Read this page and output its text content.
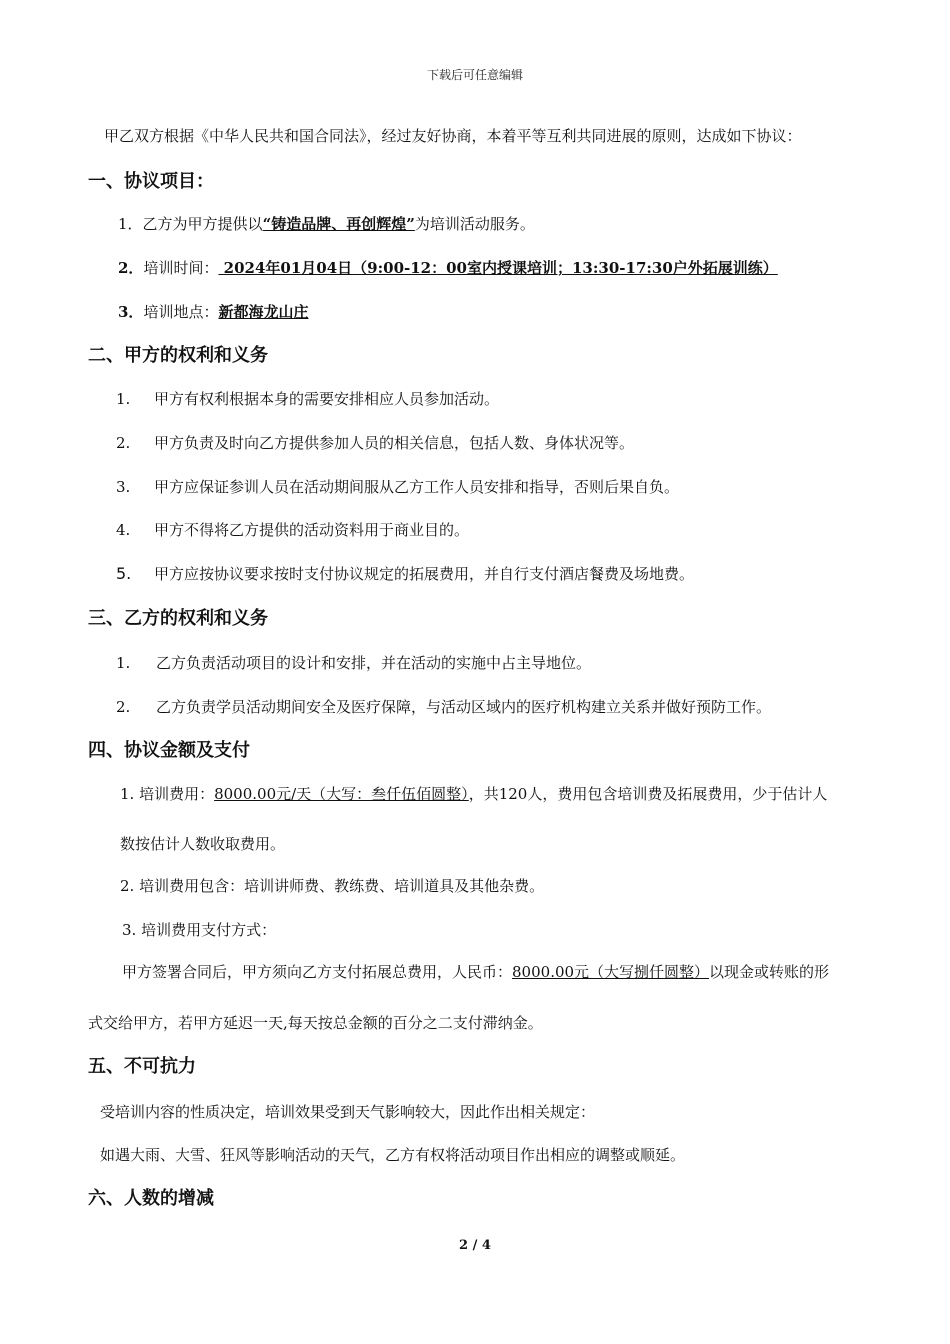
下载后可任意编辑
甲乙双方根据《中华人民共和国合同法》，经过友好协商，本着平等互利共同进展的原则，达成如下协议：
一、协议项目：
1．乙方为甲方提供以“铸造品牌、再创辉煌”为培训活动服务。
2．培训时间： 2024年01月04日（9:00-12：00室内授课培训；13:30-17:30户外拓展训练）
3．培训地点：新都海龙山庄
二、甲方的权利和义务
1. 甲方有权利根据本身的需要安排相应人员参加活动。
2. 甲方负责及时向乙方提供参加人员的相关信息，包括人数、身体状况等。
3. 甲方应保证参训人员在活动期间服从乙方工作人员安排和指导，否则后果自负。
4. 甲方不得将乙方提供的活动资料用于商业目的。
5. 甲方应按协议要求按时支付协议规定的拓展费用，并自行支付酒店餐费及场地费。
三、乙方的权利和义务
1. 乙方负责活动项目的设计和安排，并在活动的实施中占主导地位。
2. 乙方负责学员活动期间安全及医疗保障，与活动区域内的医疗机构建立关系并做好预防工作。
四、协议金额及支付
1. 培训费用：8000.00元/天（大写：叁仟伍佰圆整），共120人，费用包含培训费及拓展费用，少于估计人
数按估计人数收取费用。
2. 培训费用包含：培训讲师费、教练费、培训道具及其他杂费。
3. 培训费用支付方式：
甲方签署合同后，甲方须向乙方支付拓展总费用，人民币：8000.00元（大写捌仟圆整）以现金或转账的形
式交给甲方，若甲方延迟一天,每天按总金额的百分之二支付滞纳金。
五、不可抗力
受培训内容的性质决定，培训效果受到天气影响较大，因此作出相关规定：
如遇大雨、大雪、狂风等影响活动的天气，乙方有权将活动项目作出相应的调整或顺延。
六、人数的增减
2 / 4
